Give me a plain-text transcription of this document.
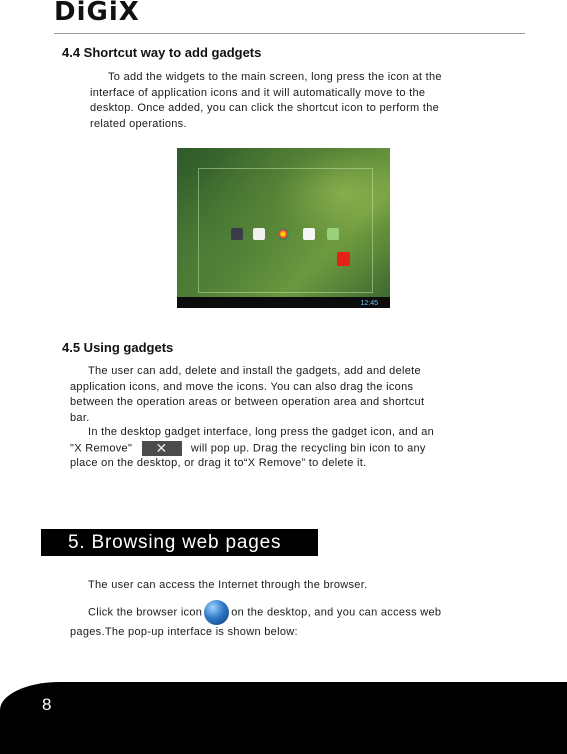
DiGiX
4.4 Shortcut way to add gadgets
To add the widgets to the main screen, long press the icon at the
interface of application icons and it will automatically move to the
desktop. Once added, you can click the shortcut icon to perform the
related operations.
12:45
4.5 Using gadgets
The user can add, delete and install the gadgets, add and delete
application icons, and move the icons. You can also drag the icons
between the operation areas or between operation area and shortcut
bar.
In the desktop gadget interface, long press the gadget icon, and an
"X Remove" ✕ will pop up. Drag the recycling bin icon to any
place on the desktop, or drag it to“X Remove” to delete it.
5. Browsing web pages
The user can access the Internet through the browser.
Click the browser icon	on the desktop, and you can access web
pages.The pop-up interface is shown below:
8
